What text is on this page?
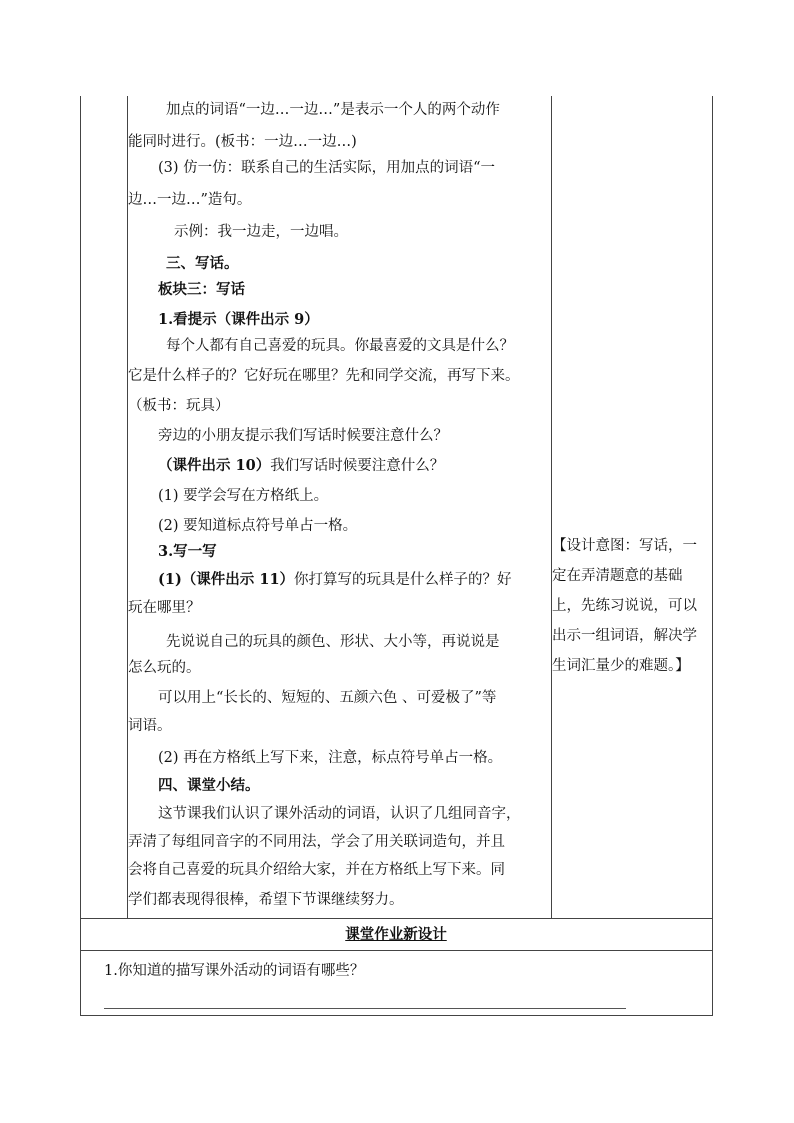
加点的词语“一边…一边…”是表示一个人的两个动作
能同时进行。(板书：一边…一边…)
(3) 仿一仿：联系自己的生活实际，用加点的词语“一
边…一边…”造句。
示例：我一边走，一边唱。
三、写话。
板块三：写话
1.看提示（课件出示 9）
每个人都有自己喜爱的玩具。你最喜爱的文具是什么？
它是什么样子的？它好玩在哪里？先和同学交流，再写下来。
（板书：玩具）
旁边的小朋友提示我们写话时候要注意什么？
（课件出示 10）我们写话时候要注意什么？
(1) 要学会写在方格纸上。
(2) 要知道标点符号单占一格。
3.写一写
(1)（课件出示 11）你打算写的玩具是什么样子的？好
玩在哪里？
先说说自己的玩具的颜色、形状、大小等，再说说是
怎么玩的。
可以用上“长长的、短短的、五颜六色 、可爱极了”等
词语。
(2) 再在方格纸上写下来，注意，标点符号单占一格。
四、课堂小结。
这节课我们认识了课外活动的词语，认识了几组同音字，
弄清了每组同音字的不同用法，学会了用关联词造句，并且
会将自己喜爱的玩具介绍给大家，并在方格纸上写下来。同
学们都表现得很棒，希望下节课继续努力。
【设计意图：写话，一
定在弄清题意的基础
上，先练习说说，可以
出示一组词语，解决学
生词汇量少的难题。】
课堂作业新设计
1.你知道的描写课外活动的词语有哪些？
